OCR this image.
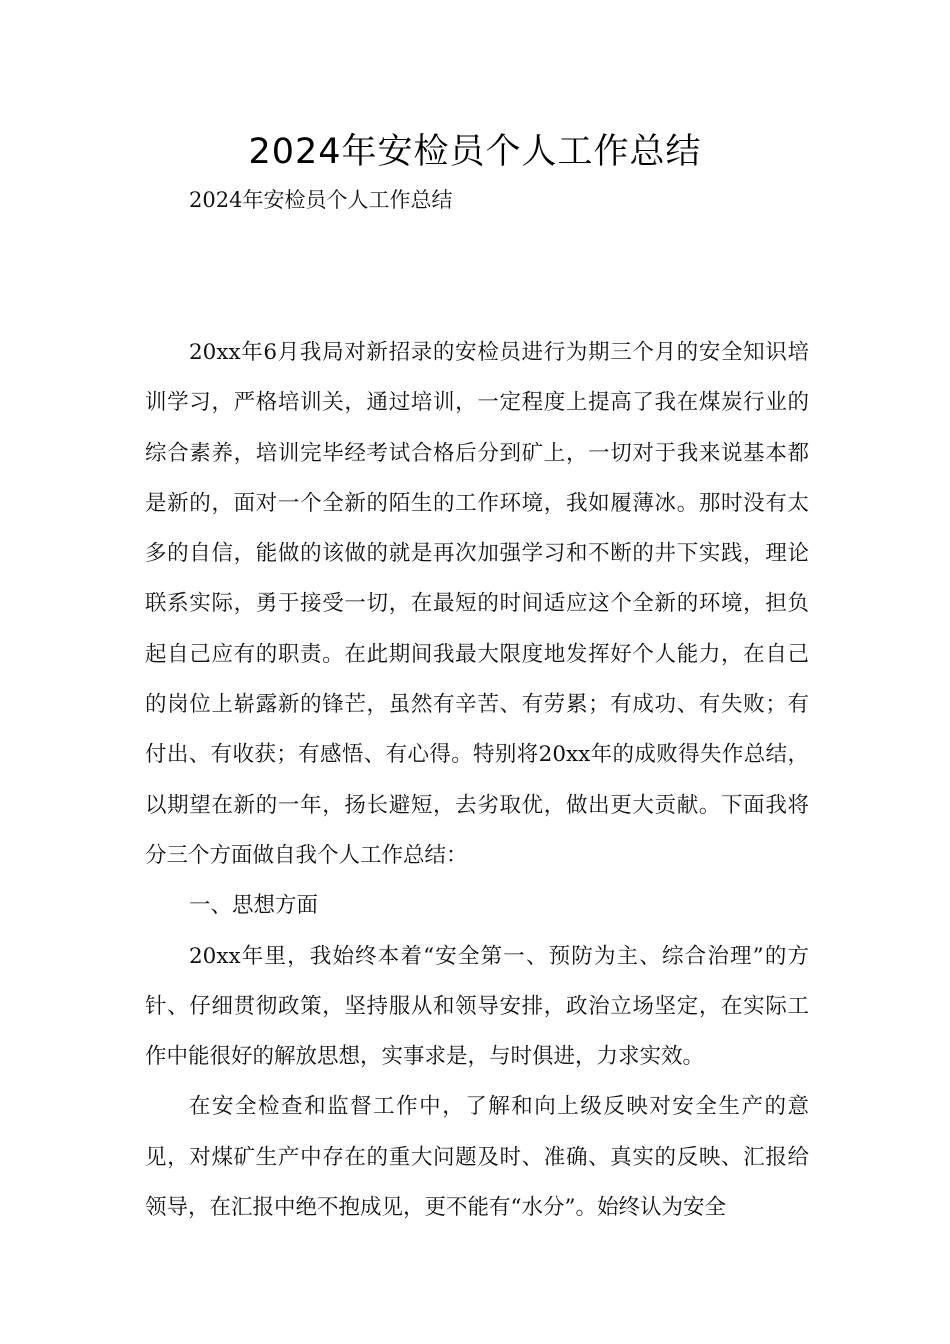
2024年安检员个人工作总结

2024年安检员个人工作总结

20xx年6月我局对新招录的安检员进行为期三个月的安全知识培训学习，严格培训关，通过培训，一定程度上提高了我在煤炭行业的综合素养，培训完毕经考试合格后分到矿上，一切对于我来说基本都是新的，面对一个全新的陌生的工作环境，我如履薄冰。那时没有太多的自信，能做的该做的就是再次加强学习和不断的井下实践，理论联系实际，勇于接受一切，在最短的时间适应这个全新的环境，担负起自己应有的职责。在此期间我最大限度地发挥好个人能力，在自己的岗位上崭露新的锋芒，虽然有辛苦、有劳累；有成功、有失败；有付出、有收获；有感悟、有心得。特别将20xx年的成败得失作总结，以期望在新的一年，扬长避短，去劣取优，做出更大贡献。下面我将分三个方面做自我个人工作总结：

一、思想方面

20xx年里，我始终本着“安全第一、预防为主、综合治理”的方针、仔细贯彻政策，坚持服从和领导安排，政治立场坚定，在实际工作中能很好的解放思想，实事求是，与时俱进，力求实效。

在安全检查和监督工作中，了解和向上级反映对安全生产的意见，对煤矿生产中存在的重大问题及时、准确、真实的反映、汇报给领导，在汇报中绝不抱成见，更不能有“水分”。始终认为安全
